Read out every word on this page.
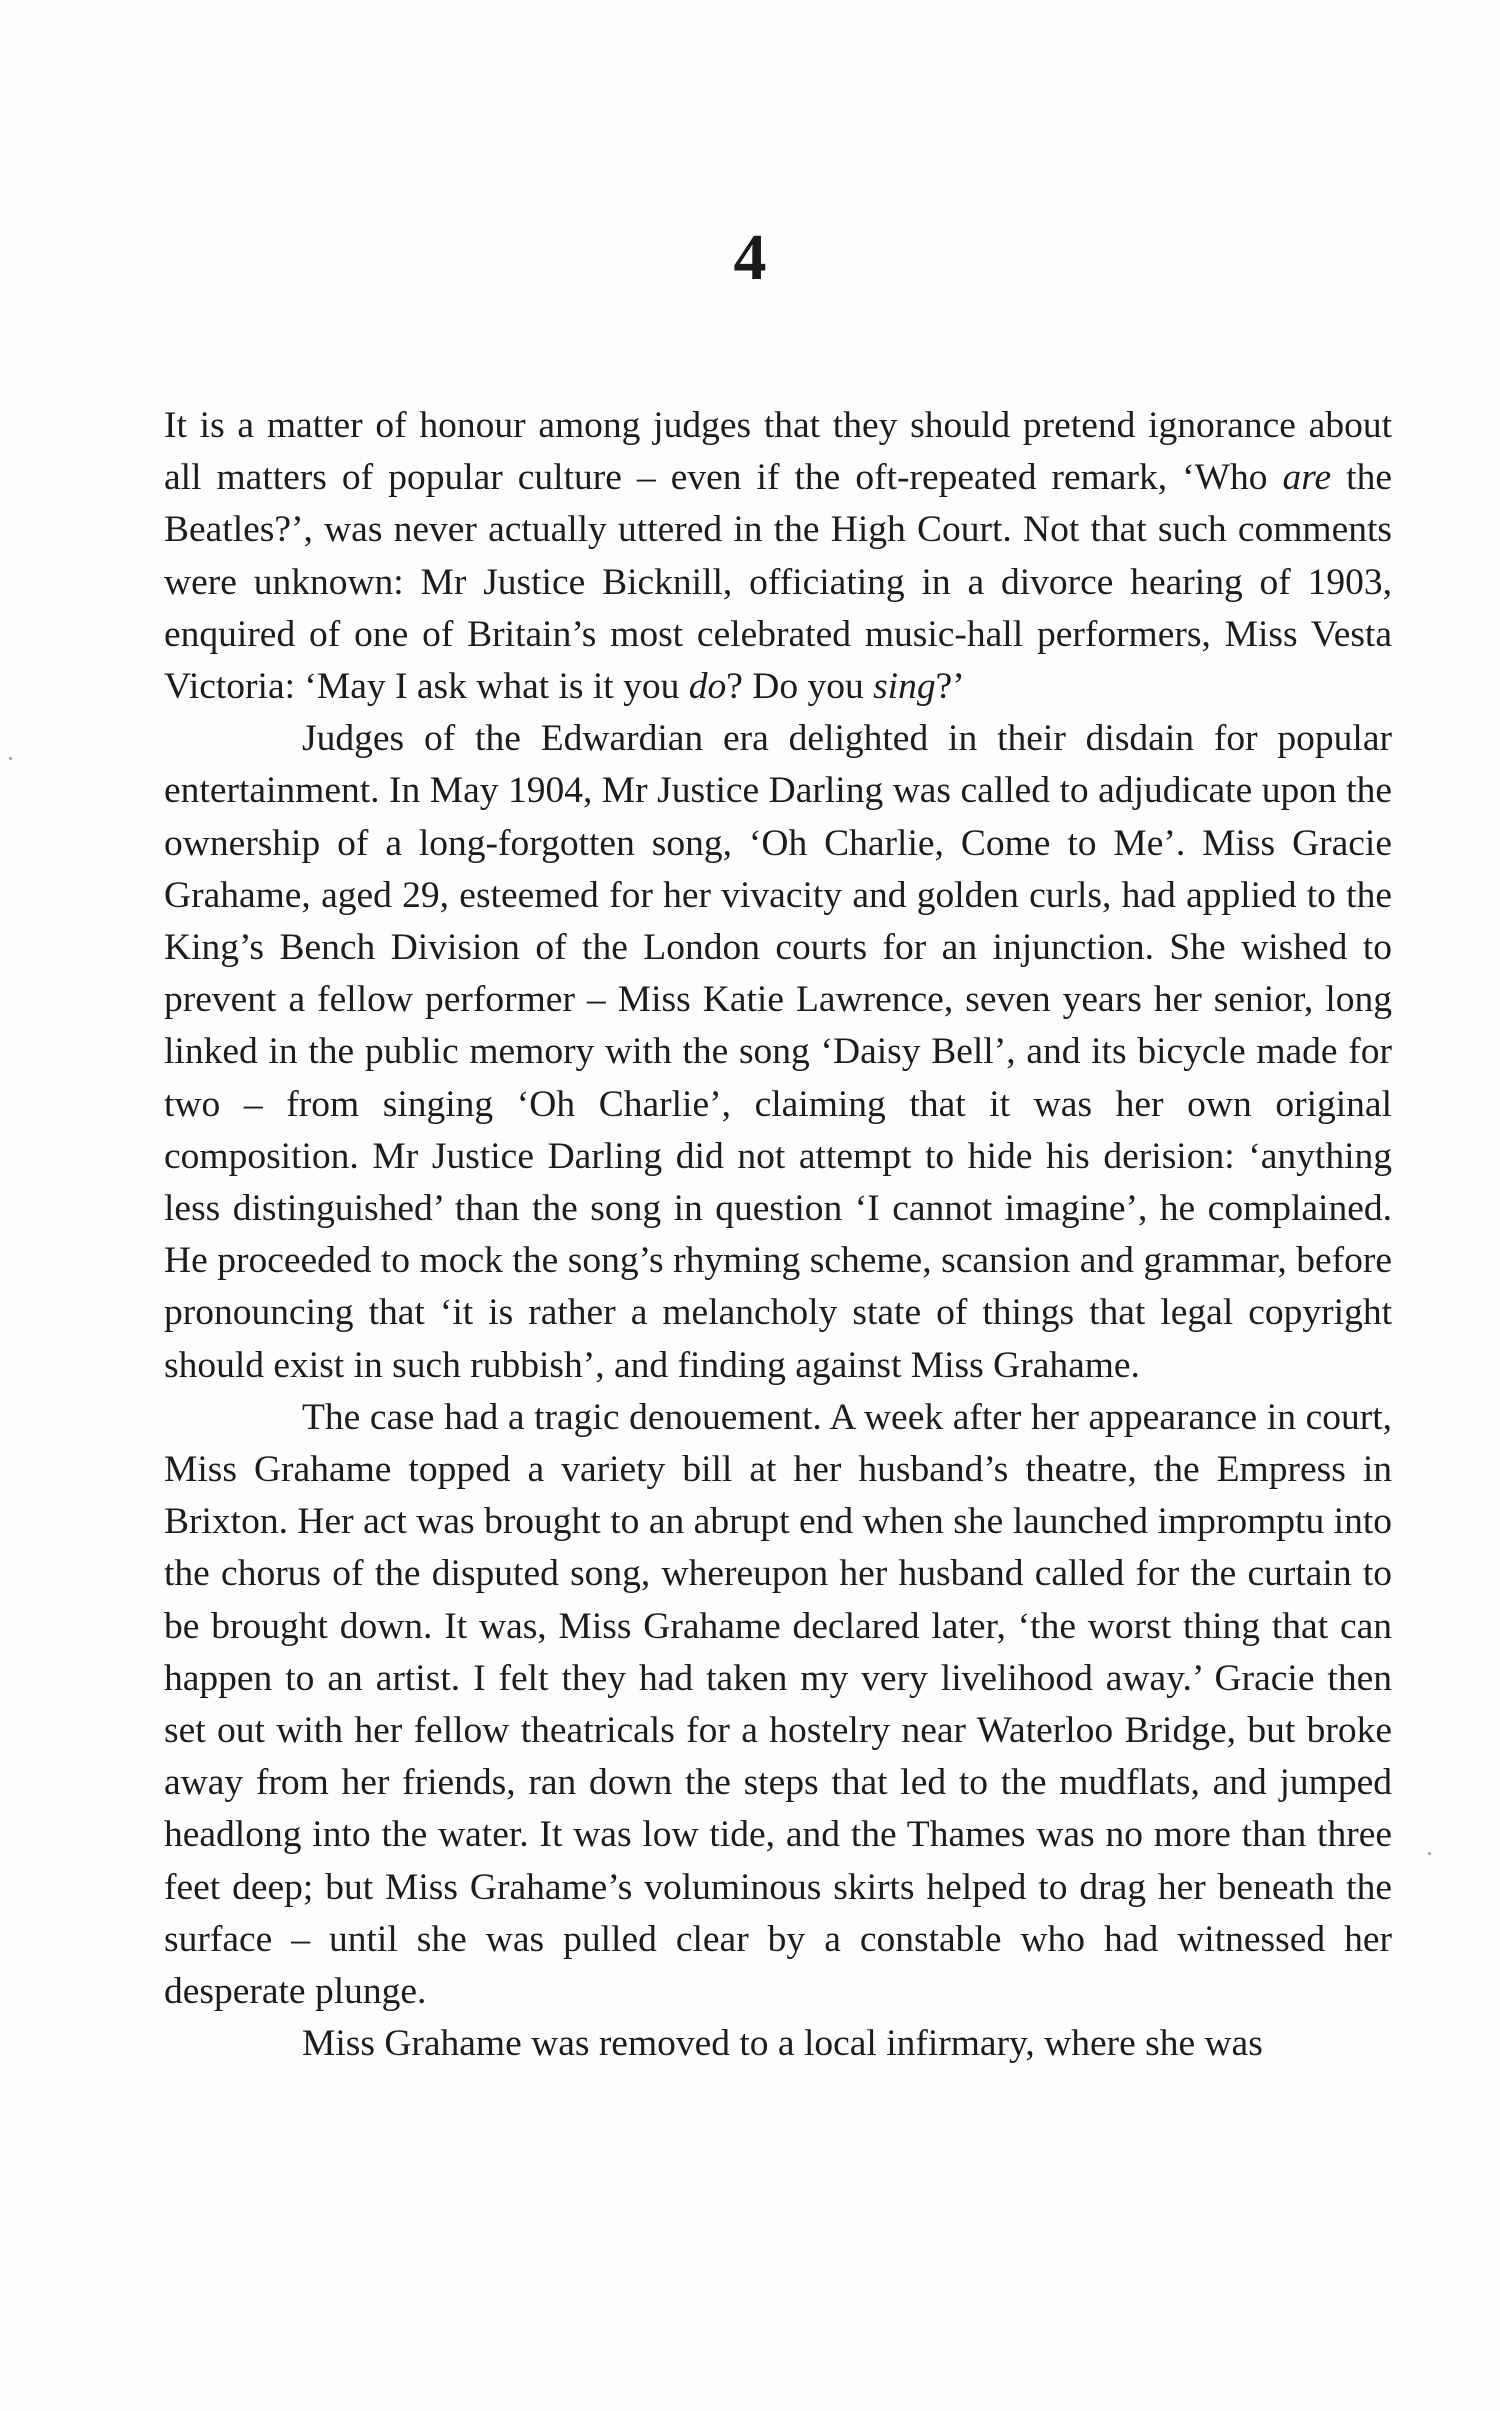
4

It is a matter of honour among judges that they should pretend ignorance about all matters of popular culture – even if the oft-repeated remark, ‘Who are the Beatles?’, was never actually uttered in the High Court. Not that such comments were unknown: Mr Justice Bicknill, officiating in a divorce hearing of 1903, enquired of one of Britain’s most celebrated music-hall performers, Miss Vesta Victoria: ‘May I ask what is it you do? Do you sing?’

Judges of the Edwardian era delighted in their disdain for popular entertainment. In May 1904, Mr Justice Darling was called to adjudicate upon the ownership of a long-forgotten song, ‘Oh Charlie, Come to Me’. Miss Gracie Grahame, aged 29, esteemed for her vivacity and golden curls, had applied to the King’s Bench Division of the London courts for an injunction. She wished to prevent a fellow performer – Miss Katie Lawrence, seven years her senior, long linked in the public memory with the song ‘Daisy Bell’, and its bicycle made for two – from singing ‘Oh Charlie’, claiming that it was her own original composition. Mr Justice Darling did not attempt to hide his derision: ‘anything less distinguished’ than the song in question ‘I cannot imagine’, he complained. He proceeded to mock the song’s rhyming scheme, scansion and grammar, before pronouncing that ‘it is rather a melancholy state of things that legal copyright should exist in such rubbish’, and finding against Miss Grahame.

The case had a tragic denouement. A week after her appearance in court, Miss Grahame topped a variety bill at her husband’s theatre, the Empress in Brixton. Her act was brought to an abrupt end when she launched impromptu into the chorus of the disputed song, whereupon her husband called for the curtain to be brought down. It was, Miss Grahame declared later, ‘the worst thing that can happen to an artist. I felt they had taken my very livelihood away.’ Gracie then set out with her fellow theatricals for a hostelry near Waterloo Bridge, but broke away from her friends, ran down the steps that led to the mudflats, and jumped headlong into the water. It was low tide, and the Thames was no more than three feet deep; but Miss Grahame’s voluminous skirts helped to drag her beneath the surface – until she was pulled clear by a constable who had witnessed her desperate plunge.

Miss Grahame was removed to a local infirmary, where she was
